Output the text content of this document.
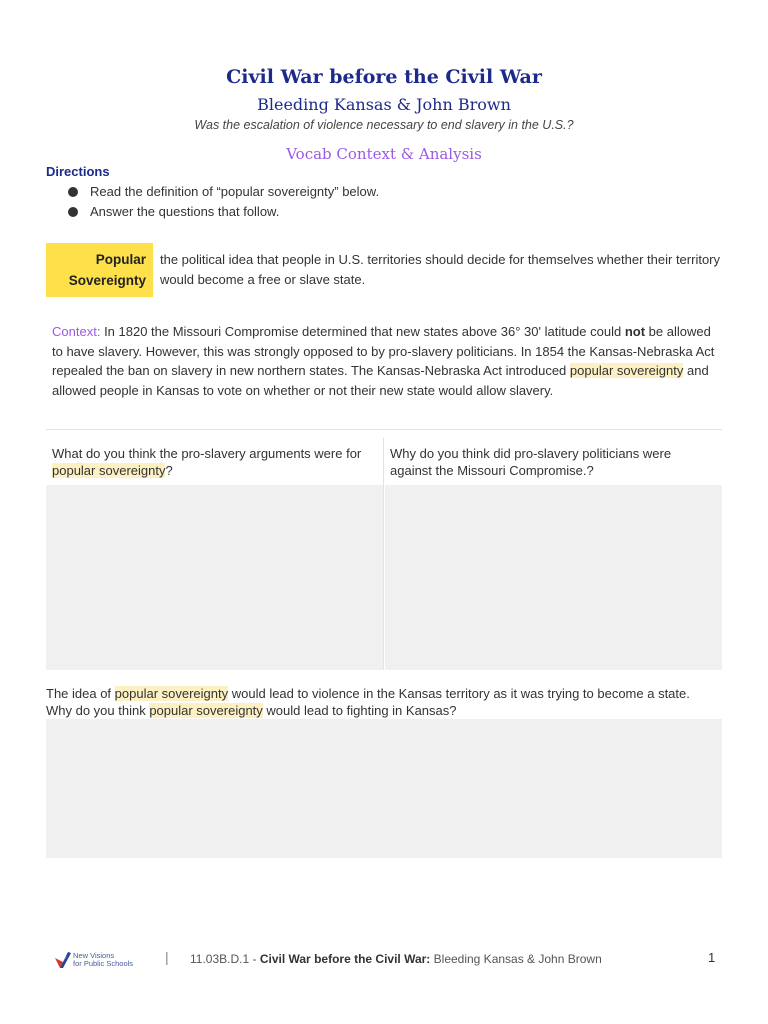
Civil War before the Civil War
Bleeding Kansas & John Brown
Was the escalation of violence necessary to end slavery in the U.S.?
Vocab Context & Analysis
Directions
Read the definition of “popular sovereignty” below.
Answer the questions that follow.
Popular
Sovereignty
the political idea that people in U.S. territories should decide for themselves whether their territory would become a free or slave state.
Context: In 1820 the Missouri Compromise determined that new states above 36° 30' latitude could not be allowed to have slavery. However, this was strongly opposed to by pro-slavery politicians. In 1854 the Kansas-Nebraska Act repealed the ban on slavery in new northern states. The Kansas-Nebraska Act introduced popular sovereignty and allowed people in Kansas to vote on whether or not their new state would allow slavery.
What do you think the pro-slavery arguments were for popular sovereignty?
Why do you think did pro-slavery politicians were against the Missouri Compromise.?
The idea of popular sovereignty would lead to violence in the Kansas territory as it was trying to become a state.
Why do you think popular sovereignty would lead to fighting in Kansas?
New Visions
for Public Schools | 11.03B.D.1 - Civil War before the Civil War: Bleeding Kansas & John Brown	1
